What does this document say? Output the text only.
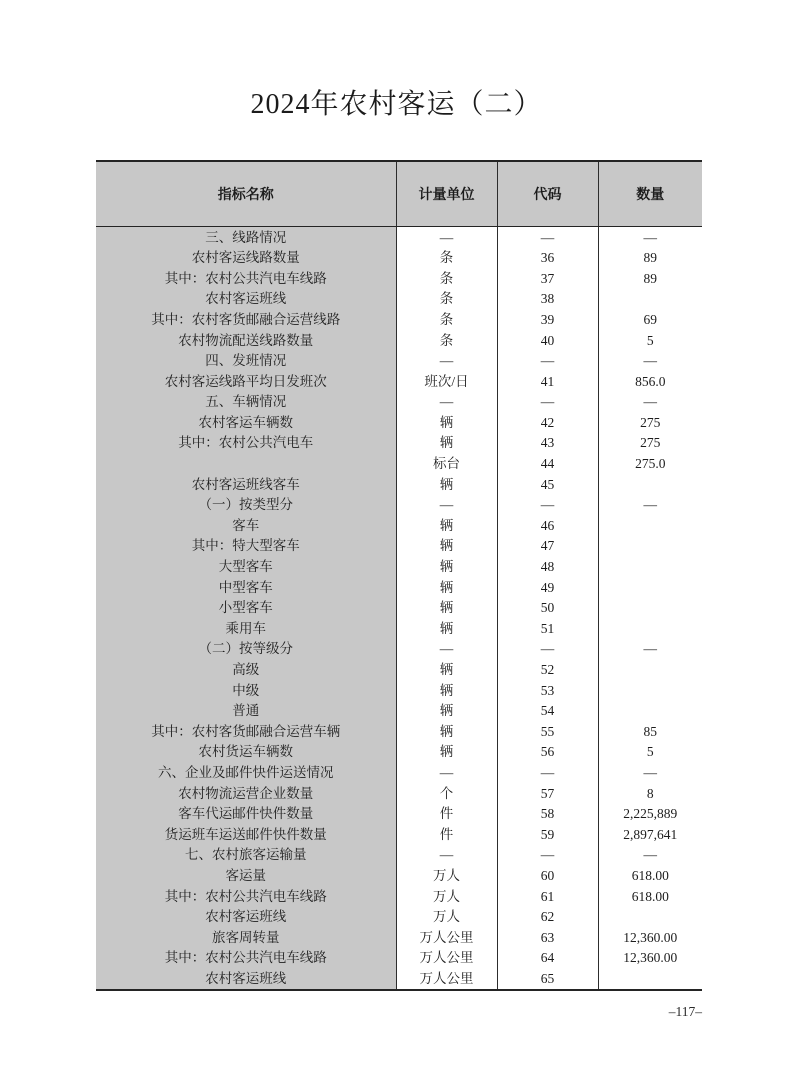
2024年农村客运（二）
指标名称	计量单位	代码	数量
三、线路情况	—	—	—
农村客运线路数量	条	36	89
其中：农村公共汽电车线路	条	37	89
农村客运班线	条	38	
其中：农村客货邮融合运营线路	条	39	69
农村物流配送线路数量	条	40	5
四、发班情况	—	—	—
农村客运线路平均日发班次	班次/日	41	856.0
五、车辆情况	—	—	—
农村客运车辆数	辆	42	275
其中：农村公共汽电车	辆	43	275
	标台	44	275.0
农村客运班线客车	辆	45	
（一）按类型分	—	—	—
客车	辆	46	
其中：特大型客车	辆	47	
大型客车	辆	48	
中型客车	辆	49	
小型客车	辆	50	
乘用车	辆	51	
（二）按等级分	—	—	—
高级	辆	52	
中级	辆	53	
普通	辆	54	
其中：农村客货邮融合运营车辆	辆	55	85
农村货运车辆数	辆	56	5
六、企业及邮件快件运送情况	—	—	—
农村物流运营企业数量	个	57	8
客车代运邮件快件数量	件	58	2,225,889
货运班车运送邮件快件数量	件	59	2,897,641
七、农村旅客运输量	—	—	—
客运量	万人	60	618.00
其中：农村公共汽电车线路	万人	61	618.00
农村客运班线	万人	62	
旅客周转量	万人公里	63	12,360.00
其中：农村公共汽电车线路	万人公里	64	12,360.00
农村客运班线	万人公里	65	
–117–
